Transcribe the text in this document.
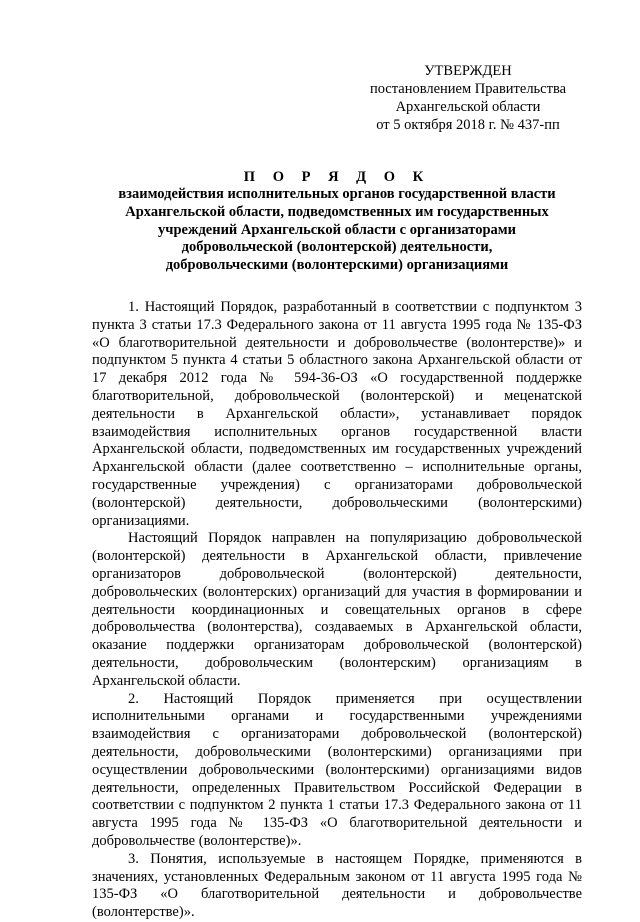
УТВЕРЖДЕН
постановлением Правительства
Архангельской области
от 5 октября 2018 г. № 437-пп
П О Р Я Д О К
взаимодействия исполнительных органов государственной власти
Архангельской области, подведомственных им государственных
учреждений Архангельской области с организаторами
добровольческой (волонтерской) деятельности,
добровольческими (волонтерскими) организациями

1. Настоящий Порядок, разработанный в соответствии с подпунктом 3 пункта 3 статьи 17.3 Федерального закона от 11 августа 1995 года № 135-ФЗ «О благотворительной деятельности и добровольчестве (волонтерстве)» и подпунктом 5 пункта 4 статьи 5 областного закона Архангельской области от 17 декабря 2012 года № 594-36-ОЗ «О государственной поддержке благотворительной, добровольческой (волонтерской) и меценатской деятельности в Архангельской области», устанавливает порядок взаимодействия исполнительных органов государственной власти Архангельской области, подведомственных им государственных учреждений Архангельской области (далее соответственно – исполнительные органы, государственные учреждения) с организаторами добровольческой (волонтерской) деятельности, добровольческими (волонтерскими) организациями.

Настоящий Порядок направлен на популяризацию добровольческой (волонтерской) деятельности в Архангельской области, привлечение организаторов добровольческой (волонтерской) деятельности, добровольческих (волонтерских) организаций для участия в формировании и деятельности координационных и совещательных органов в сфере добровольчества (волонтерства), создаваемых в Архангельской области, оказание поддержки организаторам добровольческой (волонтерской) деятельности, добровольческим (волонтерским) организациям в Архангельской области.

2. Настоящий Порядок применяется при осуществлении исполнительными органами и государственными учреждениями взаимодействия с организаторами добровольческой (волонтерской) деятельности, добровольческими (волонтерскими) организациями при осуществлении добровольческими (волонтерскими) организациями видов деятельности, определенных Правительством Российской Федерации в соответствии с подпунктом 2 пункта 1 статьи 17.3 Федерального закона от 11 августа 1995 года № 135-ФЗ «О благотворительной деятельности и добровольчестве (волонтерстве)».

3. Понятия, используемые в настоящем Порядке, применяются в значениях, установленных Федеральным законом от 11 августа 1995 года № 135-ФЗ «О благотворительной деятельности и добровольчестве (волонтерстве)».
